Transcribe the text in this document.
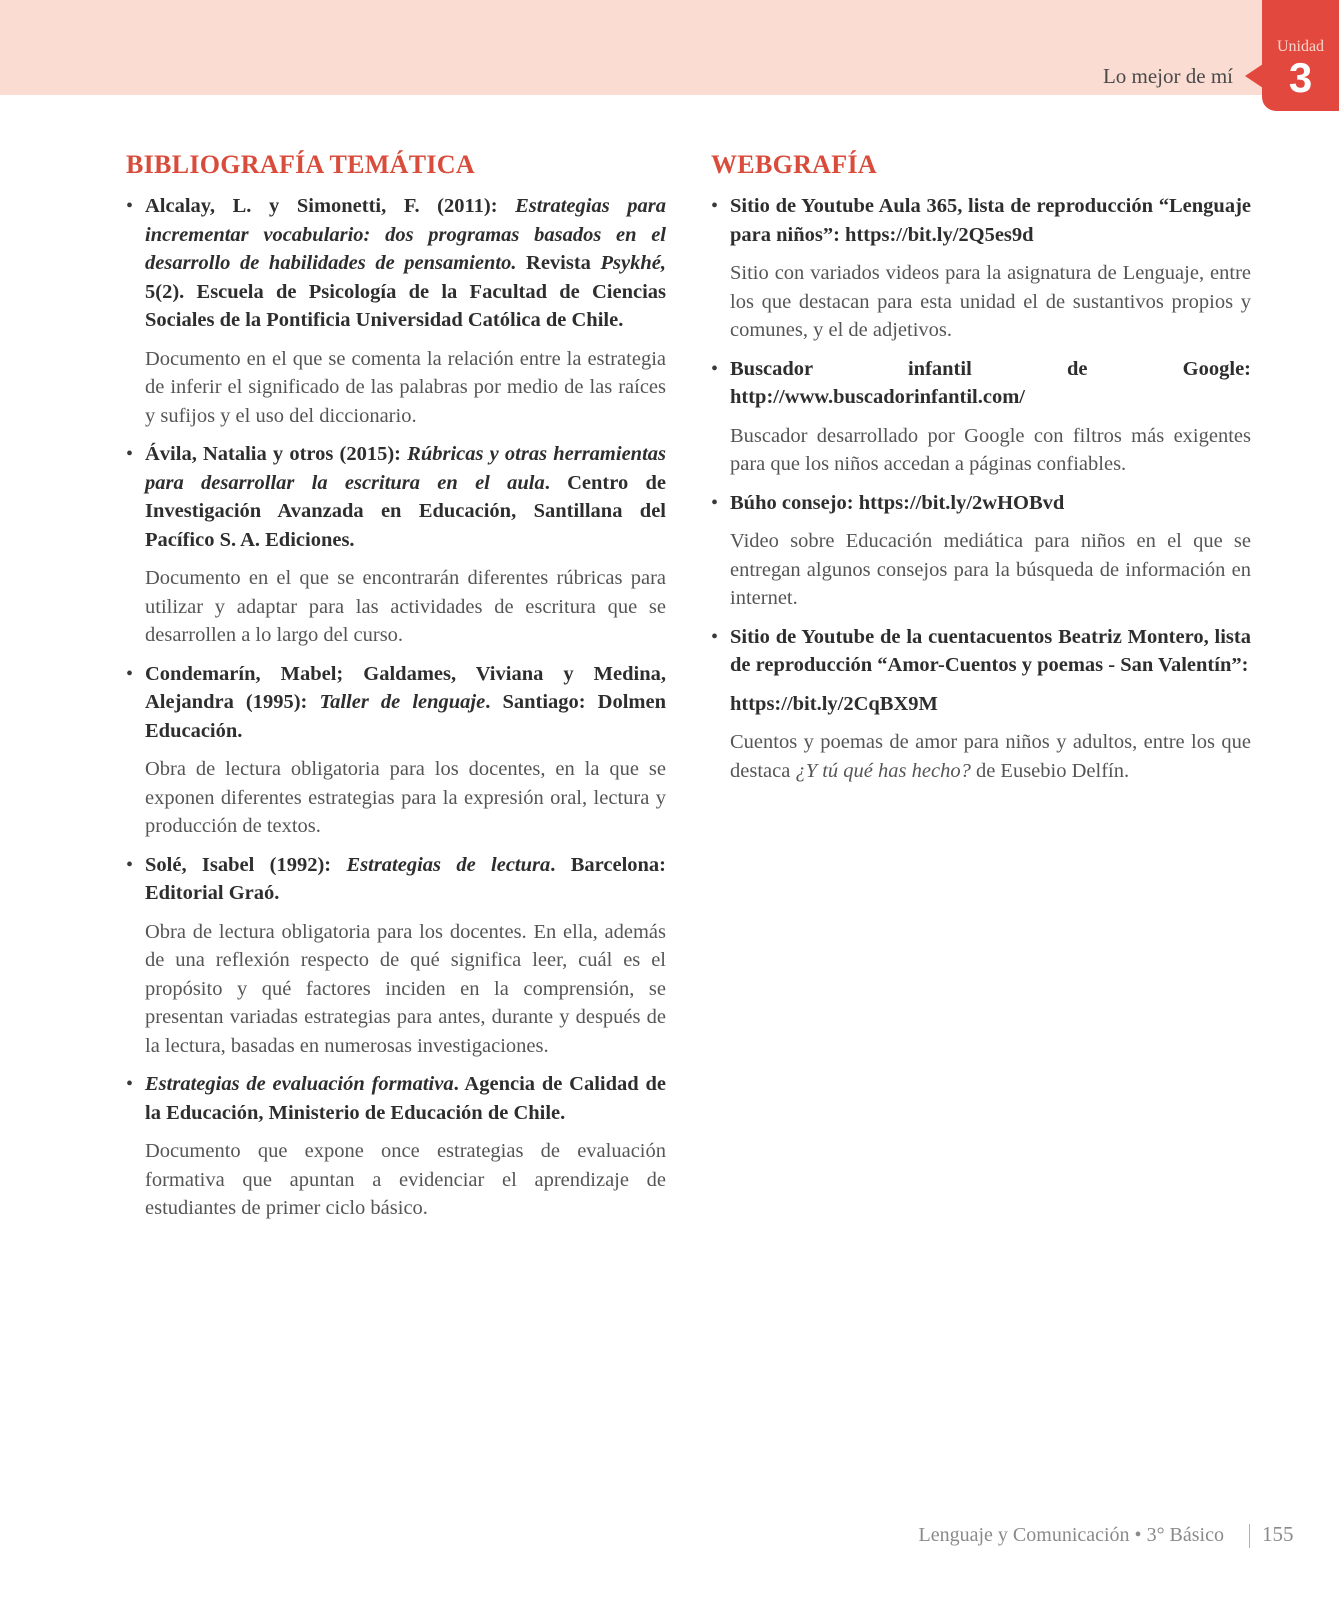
Lo mejor de mí
Unidad
3
BIBLIOGRAFÍA TEMÁTICA
• Alcalay, L. y Simonetti, F. (2011): Estrategias para incrementar vocabulario: dos programas basados en el desarrollo de habilidades de pensamiento. Revista Psykhé, 5(2). Escuela de Psicología de la Facultad de Ciencias Sociales de la Pontificia Universidad Católica de Chile.

Documento en el que se comenta la relación entre la estrategia de inferir el significado de las palabras por medio de las raíces y sufijos y el uso del diccionario.

• Ávila, Natalia y otros (2015): Rúbricas y otras herramientas para desarrollar la escritura en el aula. Centro de Investigación Avanzada en Educación, Santillana del Pacífico S. A. Ediciones.

Documento en el que se encontrarán diferentes rúbricas para utilizar y adaptar para las actividades de escritura que se desarrollen a lo largo del curso.

• Condemarín, Mabel; Galdames, Viviana y Medina, Alejandra (1995): Taller de lenguaje. Santiago: Dolmen Educación.

Obra de lectura obligatoria para los docentes, en la que se exponen diferentes estrategias para la expresión oral, lectura y producción de textos.

• Solé, Isabel (1992): Estrategias de lectura. Barcelona: Editorial Graó.

Obra de lectura obligatoria para los docentes. En ella, además de una reflexión respecto de qué significa leer, cuál es el propósito y qué factores inciden en la comprensión, se presentan variadas estrategias para antes, durante y después de la lectura, basadas en numerosas investigaciones.

• Estrategias de evaluación formativa. Agencia de Calidad de la Educación, Ministerio de Educación de Chile.

Documento que expone once estrategias de evaluación formativa que apuntan a evidenciar el aprendizaje de estudiantes de primer ciclo básico.

WEBGRAFÍA
• Sitio de Youtube Aula 365, lista de reproducción “Lenguaje para niños”: https://bit.ly/2Q5es9d

Sitio con variados videos para la asignatura de Lenguaje, entre los que destacan para esta unidad el de sustantivos propios y comunes, y el de adjetivos.

• Buscador infantil de Google: http://www.buscadorinfantil.com/

Buscador desarrollado por Google con filtros más exigentes para que los niños accedan a páginas confiables.

• Búho consejo: https://bit.ly/2wHOBvd

Video sobre Educación mediática para niños en el que se entregan algunos consejos para la búsqueda de información en internet.

• Sitio de Youtube de la cuentacuentos Beatriz Montero, lista de reproducción “Amor-Cuentos y poemas - San Valentín”:

https://bit.ly/2CqBX9M

Cuentos y poemas de amor para niños y adultos, entre los que destaca ¿Y tú qué has hecho? de Eusebio Delfín.

Lenguaje y Comunicación • 3° Básico 155
